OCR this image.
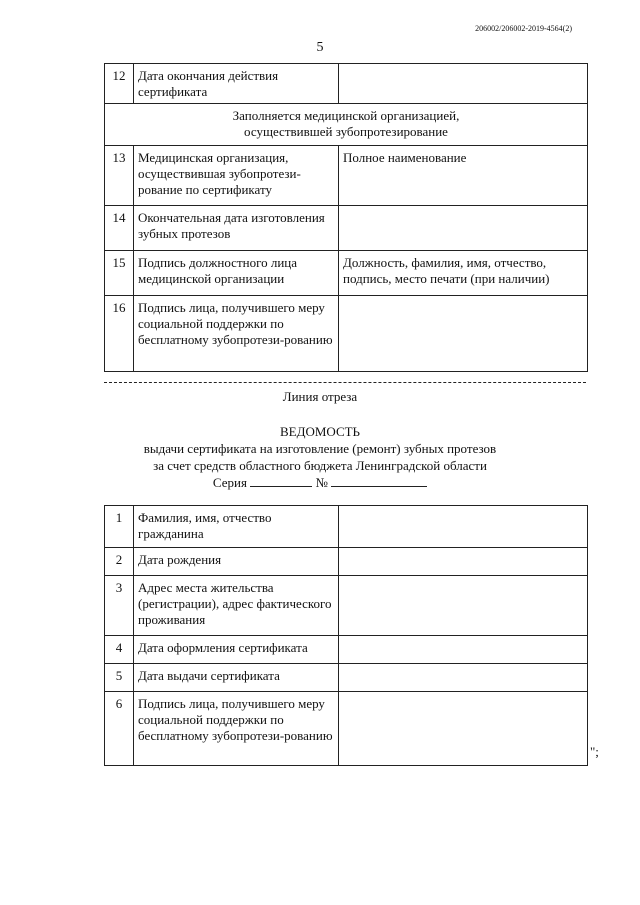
206002/206002-2019-4564(2)
5
12	Дата окончания действия сертификата	

Заполняется медицинской организацией, осуществившей зубопротезирование		

13	Медицинская организация, осуществившая зубопротези-рование по сертификату	Полное наименование
14	Окончательная дата изготовления зубных протезов	
15	Подпись должностного лица медицинской организации	Должность, фамилия, имя, отчество, подпись, место печати (при наличии)
16	Подпись лица, получившего меру социальной поддержки по бесплатному зубопротези-рованию	
Линия отреза
ВЕДОМОСТЬ
выдачи сертификата на изготовление (ремонт) зубных протезов
за счет средств областного бюджета Ленинградской области
Серия	№
1	Фамилия, имя, отчество гражданина	
2	Дата рождения	
3	Адрес места жительства (регистрации), адрес фактического проживания	
4	Дата оформления сертификата	
5	Дата выдачи сертификата	
6	Подпись лица, получившего меру социальной поддержки по бесплатному зубопротези-рованию	
";
